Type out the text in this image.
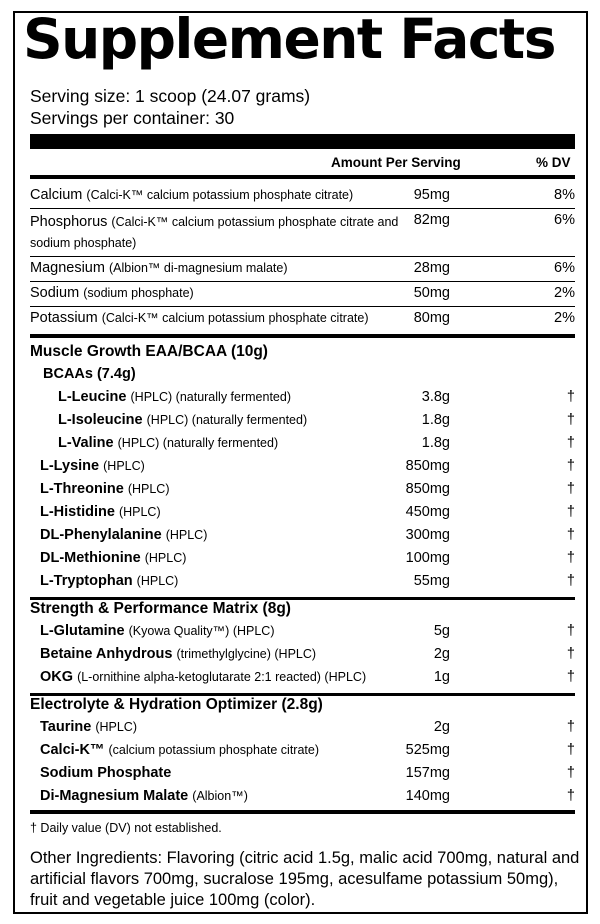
Supplement Facts
Serving size: 1 scoop (24.07 grams)
Servings per container: 30
Amount Per Serving	% DV
Calcium (Calci-K™ calcium potassium phosphate citrate)	95mg	8%
Phosphorus (Calci-K™ calcium potassium phosphate citrate and sodium phosphate)
82mg	6%
Magnesium (Albion™ di-magnesium malate)	28mg	6%
Sodium (sodium phosphate)	50mg	2%
Potassium (Calci-K™ calcium potassium phosphate citrate)	80mg	2%
Muscle Growth EAA/BCAA (10g)
BCAAs (7.4g)
L-Leucine (HPLC) (naturally fermented)	3.8g	†
L-Isoleucine (HPLC) (naturally fermented)	1.8g	†
L-Valine (HPLC) (naturally fermented)	1.8g	†
L-Lysine (HPLC)	850mg	†
L-Threonine (HPLC)	850mg	†
L-Histidine (HPLC)	450mg	†
DL-Phenylalanine (HPLC)	300mg	†
DL-Methionine (HPLC)	100mg	†
L-Tryptophan (HPLC)	55mg	†
Strength & Performance Matrix (8g)
L-Glutamine (Kyowa Quality™) (HPLC)	5g	†
Betaine Anhydrous (trimethylglycine) (HPLC)	2g	†
OKG (L-ornithine alpha-ketoglutarate 2:1 reacted) (HPLC)	1g	†
Electrolyte & Hydration Optimizer (2.8g)
Taurine (HPLC)	2g	†
Calci-K™ (calcium potassium phosphate citrate)	525mg	†
Sodium Phosphate	157mg	†
Di-Magnesium Malate (Albion™)	140mg	†
† Daily value (DV) not established.
Other Ingredients: Flavoring (citric acid 1.5g, malic acid 700mg, natural and artificial flavors 700mg, sucralose 195mg, acesulfame potassium 50mg), fruit and vegetable juice 100mg (color).
